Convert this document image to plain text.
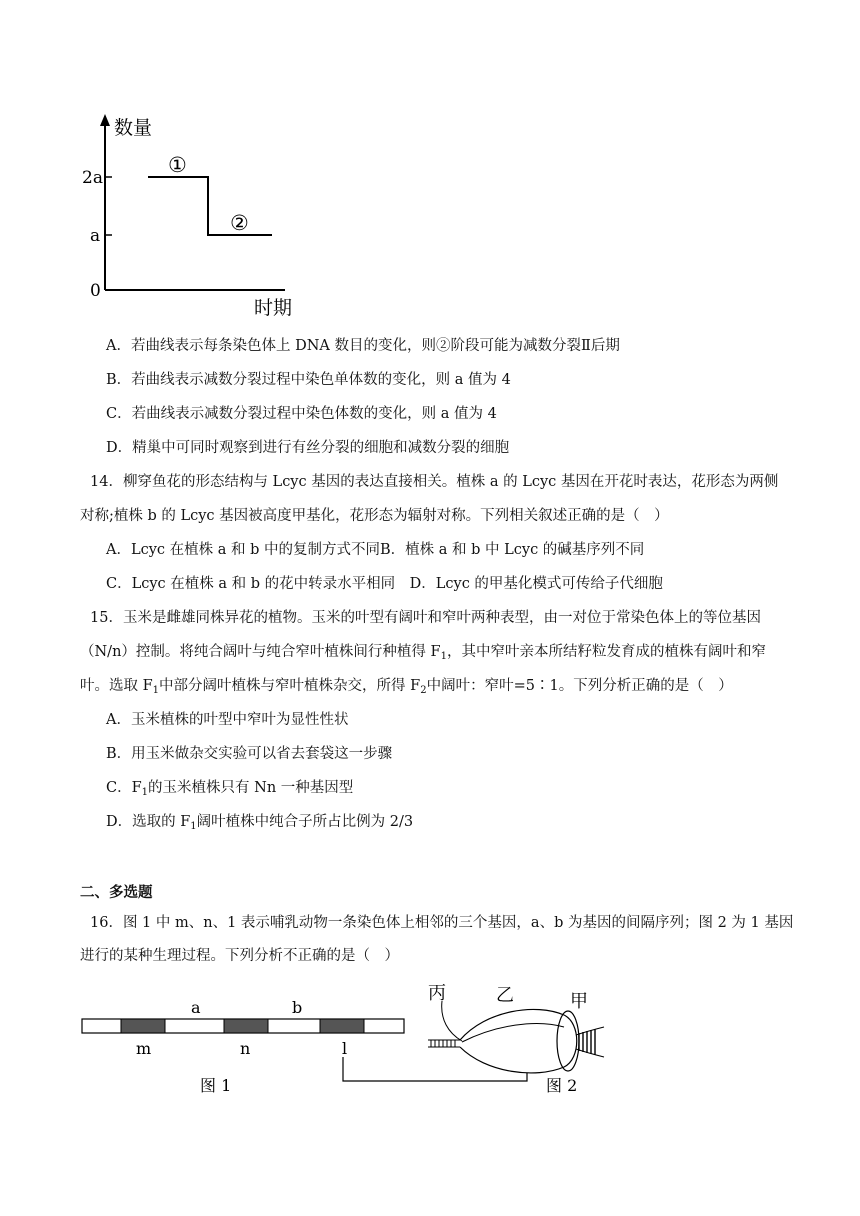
数量
时期
2a
a
0
①
②
A．若曲线表示每条染色体上 DNA 数目的变化，则②阶段可能为减数分裂Ⅱ后期
B．若曲线表示减数分裂过程中染色单体数的变化，则 a 值为 4
C．若曲线表示减数分裂过程中染色体数的变化，则 a 值为 4
D．精巢中可同时观察到进行有丝分裂的细胞和减数分裂的细胞
14．柳穿鱼花的形态结构与 Lcyc 基因的表达直接相关。植株 a 的 Lcyc 基因在开花时表达，花形态为两侧
对称;植株 b 的 Lcyc 基因被高度甲基化，花形态为辐射对称。下列相关叙述正确的是（　）
A．Lcyc 在植株 a 和 b 中的复制方式不同B．植株 a 和 b 中 Lcyc 的碱基序列不同
C．Lcyc 在植株 a 和 b 的花中转录水平相同　D．Lcyc 的甲基化模式可传给子代细胞
15．玉米是雌雄同株异花的植物。玉米的叶型有阔叶和窄叶两种表型，由一对位于常染色体上的等位基因
（N/n）控制。将纯合阔叶与纯合窄叶植株间行种植得 $F_1$，其中窄叶亲本所结籽粒发育成的植株有阔叶和窄
叶。选取 $F_1$中部分阔叶植株与窄叶植株杂交，所得 $F_2$中阔叶：窄叶=5∶1。下列分析正确的是（　）
A．玉米植株的叶型中窄叶为显性性状
B．用玉米做杂交实验可以省去套袋这一步骤
C．$F_1$的玉米植株只有 Nn 一种基因型
D．选取的 $F_1$阔叶植株中纯合子所占比例为 2/3
二、多选题
16．图 1 中 m、n、1 表示哺乳动物一条染色体上相邻的三个基因，a、b 为基因的间隔序列；图 2 为 1 基因
进行的某种生理过程。下列分析不正确的是（　）
a	b
m	n	l
图 1
丙	乙	甲
图 2
